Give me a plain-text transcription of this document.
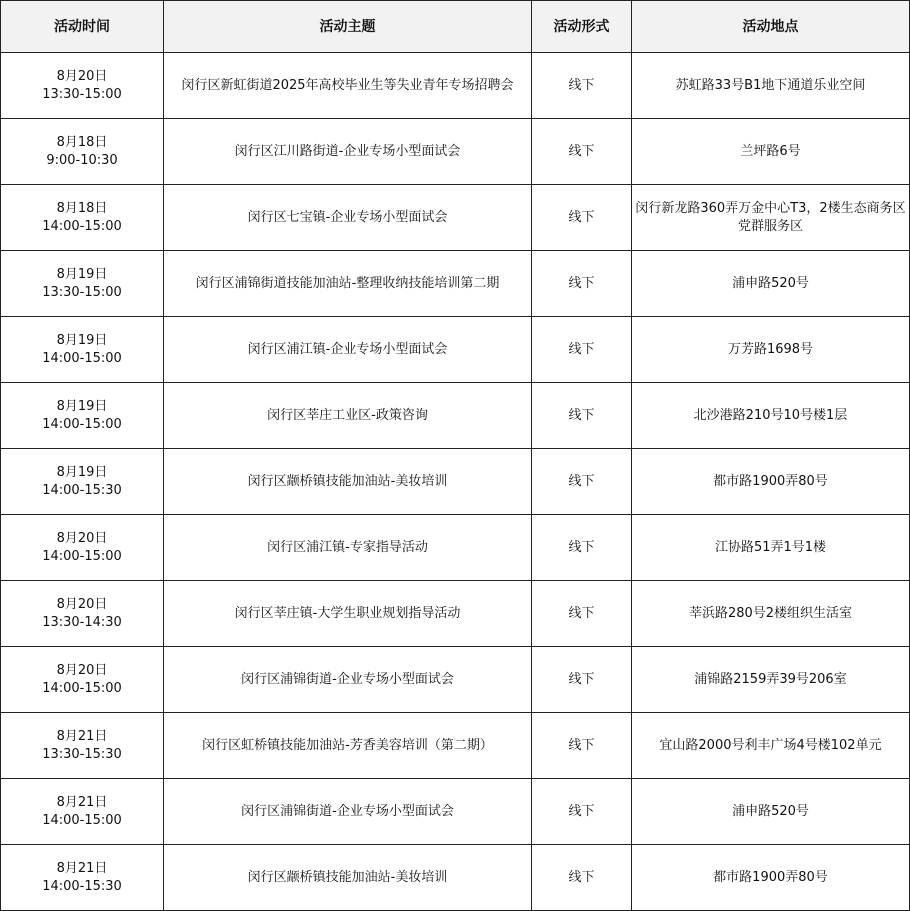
活动时间	活动主题	活动形式	活动地点

8月20日
13:30-15:00	闵行区新虹街道2025年高校毕业生等失业青年专场招聘会	线下	苏虹路33号B1地下通道乐业空间

8月18日
9:00-10:30	闵行区江川路街道-企业专场小型面试会	线下	兰坪路6号

8月18日
14:00-15:00	闵行区七宝镇-企业专场小型面试会	线下	闵行新龙路360弄万金中心T3，2楼生态商务区党群服务区

8月19日
13:30-15:00	闵行区浦锦街道技能加油站-整理收纳技能培训第二期	线下	浦申路520号

8月19日
14:00-15:00	闵行区浦江镇-企业专场小型面试会	线下	万芳路1698号

8月19日
14:00-15:00	闵行区莘庄工业区-政策咨询	线下	北沙港路210号10号楼1层

8月19日
14:00-15:30	闵行区颛桥镇技能加油站-美妆培训	线下	都市路1900弄80号

8月20日
14:00-15:00	闵行区浦江镇-专家指导活动	线下	江协路51弄1号1楼

8月20日
13:30-14:30	闵行区莘庄镇-大学生职业规划指导活动	线下	莘浜路280号2楼组织生活室

8月20日
14:00-15:00	闵行区浦锦街道-企业专场小型面试会	线下	浦锦路2159弄39号206室

8月21日
13:30-15:30	闵行区虹桥镇技能加油站-芳香美容培训（第二期）	线下	宜山路2000号利丰广场4号楼102单元

8月21日
14:00-15:00	闵行区浦锦街道-企业专场小型面试会	线下	浦申路520号

8月21日
14:00-15:30	闵行区颛桥镇技能加油站-美妆培训	线下	都市路1900弄80号
